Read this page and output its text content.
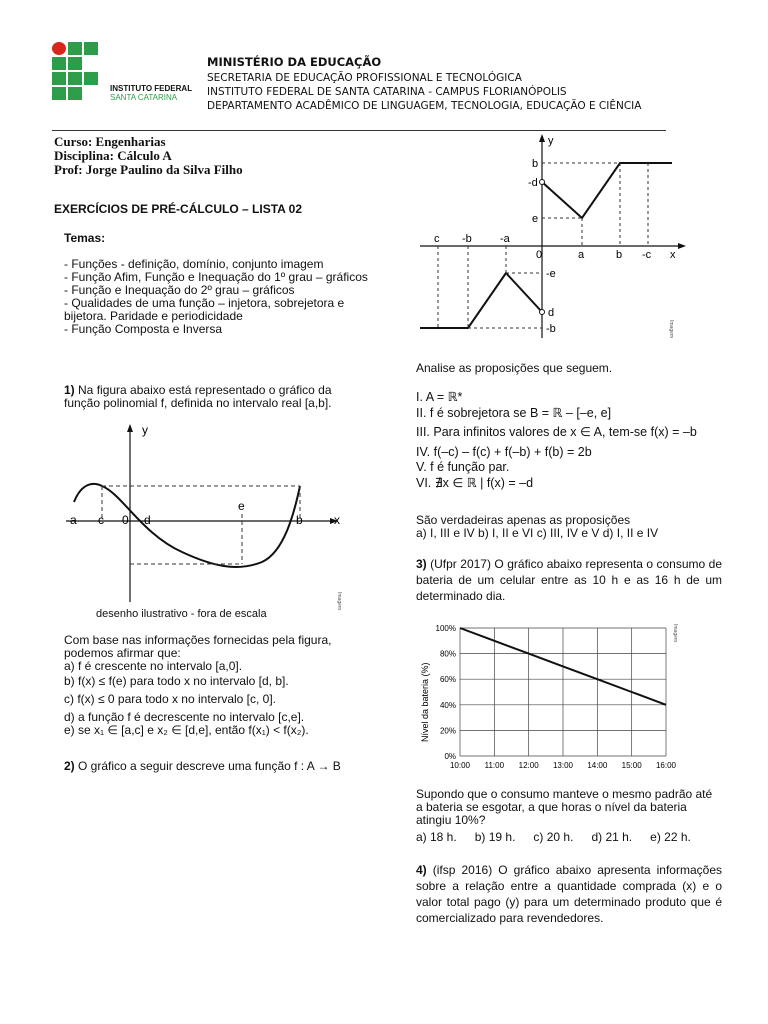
INSTITUTO FEDERAL
SANTA CATARINA
MINISTÉRIO DA EDUCAÇÃO
SECRETARIA DE EDUCAÇÃO PROFISSIONAL E TECNOLÓGICA
INSTITUTO FEDERAL DE SANTA CATARINA - CAMPUS FLORIANÓPOLIS
DEPARTAMENTO ACADÊMICO DE LINGUAGEM, TECNOLOGIA, EDUCAÇÃO E CIÊNCIA
Curso: Engenharias
Disciplina: Cálculo A
Prof: Jorge Paulino da Silva Filho
EXERCÍCIOS DE PRÉ-CÁLCULO – LISTA 02
Temas:
- Funções - definição, domínio, conjunto imagem
- Função Afim, Função e Inequação do 1º grau – gráficos
- Função e Inequação do 2º grau – gráficos
- Qualidades de uma função – injetora, sobrejetora e bijetora. Paridade e periodicidade
- Função Composta e Inversa
1) Na figura abaixo está representado o gráfico da função polinomial f, definida no intervalo real [a,b].
y
a c 0 d
e
b	x
Imagem
desenho ilustrativo - fora de escala
Com base nas informações fornecidas pela figura, podemos afirmar que:
a) f é crescente no intervalo [a,0].
b) f(x) ≤ f(e) para todo x no intervalo [d, b].
c) f(x) ≤ 0 para todo x no intervalo [c, 0].
d) a função f é decrescente no intervalo [c,e].
e) se x₁ ∈ [a,c] e x₂ ∈ [d,e], então f(x₁) < f(x₂).
2) O gráfico a seguir descreve uma função f : A → B
y
b
-d
e
c -b	-a
0	a	b -c x
-e
d
-b	Imagem
Analise as proposições que seguem.
I. A = ℝ*
II. f é sobrejetora se B = ℝ – [–e, e]
III. Para infinitos valores de x ∈ A, tem-se f(x) = –b
IV. f(–c) – f(c) + f(–b) + f(b) = 2b
V. f é função par.
VI. ∄x ∈ ℝ | f(x) = –d
São verdadeiras apenas as proposições
a) I, III e IV b) I, II e VI c) III, IV e V d) I, II e IV
3) (Ufpr 2017) O gráfico abaixo representa o consumo de bateria de um celular entre as 10 h e as 16 h de um determinado dia.
0%
20%
40%
60%
80%
100%
10:00 11:00 12:00 13:00 14:00 15:00 16:00
Nível da bateria (%)
Imagem
Supondo que o consumo manteve o mesmo padrão até a bateria se esgotar, a que horas o nível da bateria atingiu 10%?
a) 18 h. b) 19 h. c) 20 h. d) 21 h. e) 22 h.
4) (ifsp 2016) O gráfico abaixo apresenta informações sobre a relação entre a quantidade comprada (x) e o valor total pago (y) para um determinado produto que é comercializado para revendedores.
